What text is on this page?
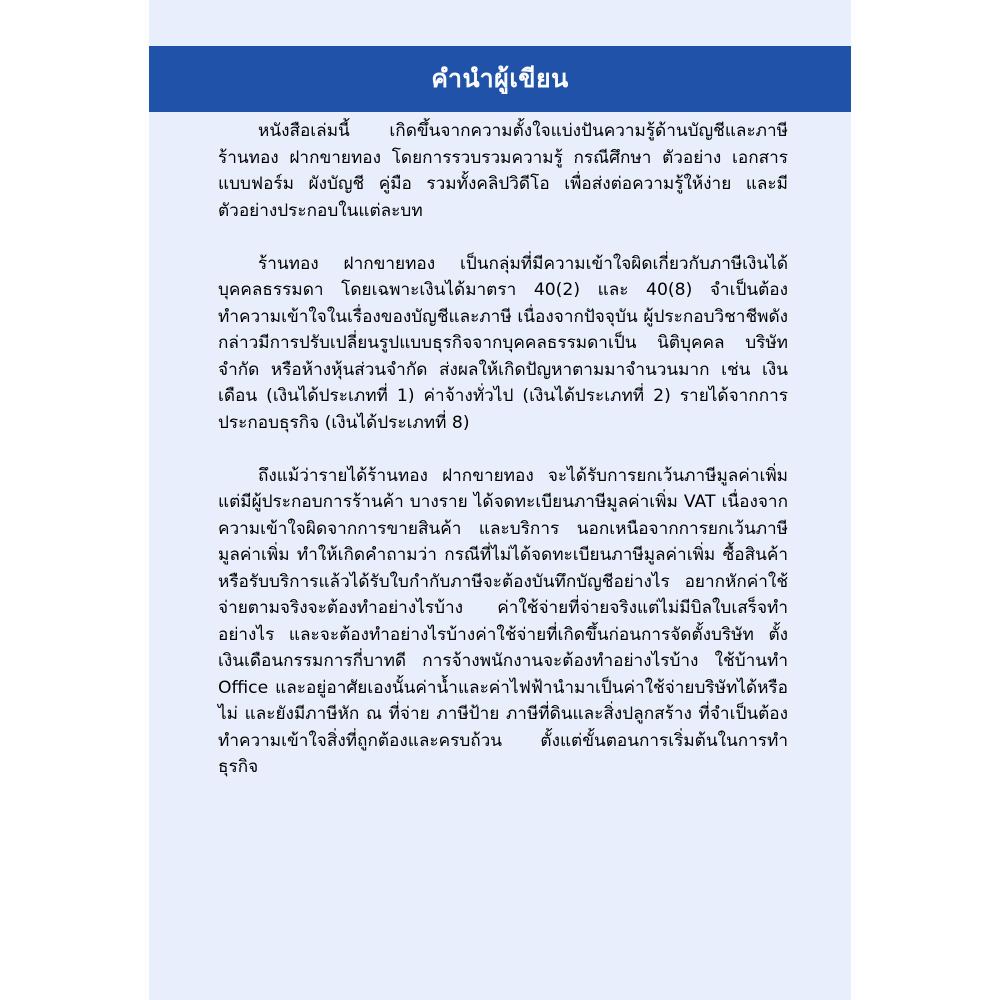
คำนำผู้เขียน

หนังสือเล่มนี้ เกิดขึ้นจากความตั้งใจแบ่งปันความรู้ด้านบัญชีและภาษี ร้านทอง ฝากขายทอง โดยการรวบรวมความรู้ กรณีศึกษา ตัวอย่าง เอกสาร แบบฟอร์ม ผังบัญชี คู่มือ รวมทั้งคลิปวิดีโอ เพื่อส่งต่อความรู้ให้ง่าย และมีตัวอย่างประกอบในแต่ละบท

ร้านทอง ฝากขายทอง เป็นกลุ่มที่มีความเข้าใจผิดเกี่ยวกับภาษีเงินได้บุคคลธรรมดา โดยเฉพาะเงินได้มาตรา 40(2) และ 40(8) จำเป็นต้องทำความเข้าใจในเรื่องของบัญชีและภาษี เนื่องจากปัจจุบัน ผู้ประกอบวิชาชีพดังกล่าวมีการปรับเปลี่ยนรูปแบบธุรกิจจากบุคคลธรรมดาเป็น นิติบุคคล บริษัทจำกัด หรือห้างหุ้นส่วนจำกัด ส่งผลให้เกิดปัญหาตามมาจำนวนมาก เช่น เงินเดือน (เงินได้ประเภทที่ 1) ค่าจ้างทั่วไป (เงินได้ประเภทที่ 2) รายได้จากการประกอบธุรกิจ (เงินได้ประเภทที่ 8)

ถึงแม้ว่ารายได้ร้านทอง ฝากขายทอง จะได้รับการยกเว้นภาษีมูลค่าเพิ่ม แต่มีผู้ประกอบการร้านค้า บางราย ได้จดทะเบียนภาษีมูลค่าเพิ่ม VAT เนื่องจากความเข้าใจผิดจากการขายสินค้า และบริการ นอกเหนือจากการยกเว้นภาษีมูลค่าเพิ่ม ทำให้เกิดคำถามว่า กรณีที่ไม่ได้จดทะเบียนภาษีมูลค่าเพิ่ม ซื้อสินค้าหรือรับบริการแล้วได้รับใบกำกับภาษีจะต้องบันทึกบัญชีอย่างไร อยากหักค่าใช้จ่ายตามจริงจะต้องทำอย่างไรบ้าง ค่าใช้จ่ายที่จ่ายจริงแต่ไม่มีบิลใบเสร็จทำอย่างไร และจะต้องทำอย่างไรบ้างค่าใช้จ่ายที่เกิดขึ้นก่อนการจัดตั้งบริษัท ตั้งเงินเดือนกรรมการกี่บาทดี การจ้างพนักงานจะต้องทำอย่างไรบ้าง ใช้บ้านทำ Office และอยู่อาศัยเองนั้นค่าน้ำและค่าไฟฟ้านำมาเป็นค่าใช้จ่ายบริษัทได้หรือไม่ และยังมีภาษีหัก ณ ที่จ่าย ภาษีป้าย ภาษีที่ดินและสิ่งปลูกสร้าง ที่จำเป็นต้องทำความเข้าใจสิ่งที่ถูกต้องและครบถ้วน ตั้งแต่ขั้นตอนการเริ่มต้นในการทำธุรกิจ
